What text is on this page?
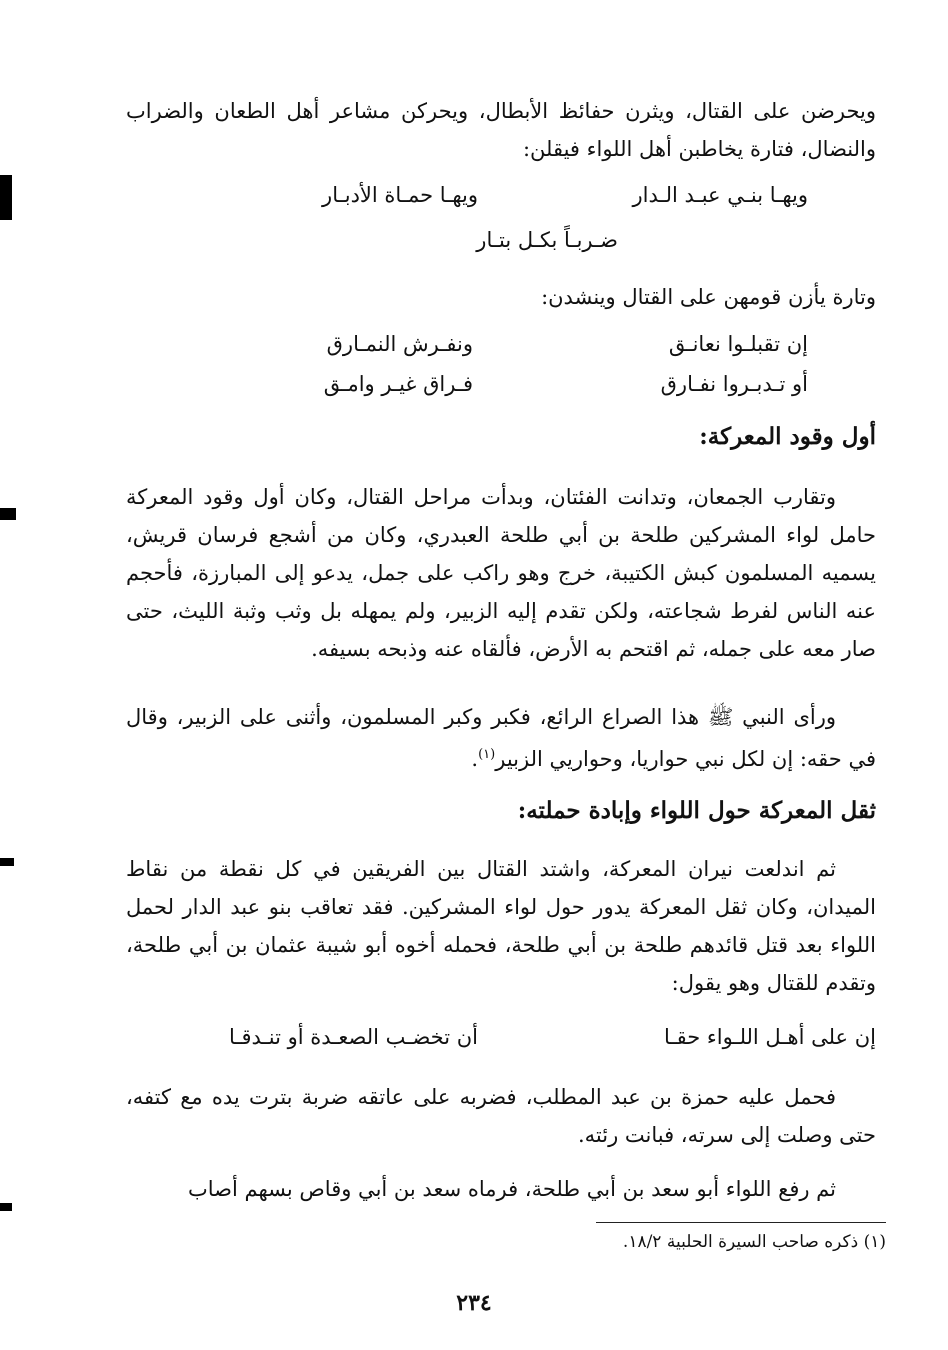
ويحرضن على القتال، ويثرن حفائظ الأبطال، ويحركن مشاعر أهل الطعان والضراب والنضال، فتارة يخاطبن أهل اللواء فيقلن:

ويهـا بنـي عبـد الـدار

ويهـا حمـاة الأدبـار

ضـربـاً بكـل بتـار

وتارة يأزن قومهن على القتال وينشدن:

إن تقبلـوا نعانـق

ونفـرش النمـارق

أو تـدبـروا نفـارق

فـراق غيـر وامـق

أول وقود المعركة:

وتقارب الجمعان، وتدانت الفئتان، وبدأت مراحل القتال، وكان أول وقود المعركة حامل لواء المشركين طلحة بن أبي طلحة العبدري، وكان من أشجع فرسان قريش، يسميه المسلمون كبش الكتيبة، خرج وهو راكب على جمل، يدعو إلى المبارزة، فأحجم عنه الناس لفرط شجاعته، ولكن تقدم إليه الزبير، ولم يمهله بل وثب وثبة الليث، حتى صار معه على جمله، ثم اقتحم به الأرض، فألقاه عنه وذبحه بسيفه.

ورأى النبي ﷺ هذا الصراع الرائع، فكبر وكبر المسلمون، وأثنى على الزبير، وقال في حقه: إن لكل نبي حواريا، وحواريي الزبير$^{(١)}$.

ثقل المعركة حول اللواء وإبادة حملته:

ثم اندلعت نيران المعركة، واشتد القتال بين الفريقين في كل نقطة من نقاط الميدان، وكان ثقل المعركة يدور حول لواء المشركين. فقد تعاقب بنو عبد الدار لحمل اللواء بعد قتل قائدهم طلحة بن أبي طلحة، فحمله أخوه أبو شيبة عثمان بن أبي طلحة، وتقدم للقتال وهو يقول:

إن على أهـل اللـواء حقـا

أن تخضـب الصعـدة أو تنـدقـا

فحمل عليه حمزة بن عبد المطلب، فضربه على عاتقه ضربة بترت يده مع كتفه، حتى وصلت إلى سرته، فبانت رئته.

ثم رفع اللواء أبو سعد بن أبي طلحة، فرماه سعد بن أبي وقاص بسهم أصاب

(١) ذكره صاحب السيرة الحلبية ١٨/٢.

٢٣٤
